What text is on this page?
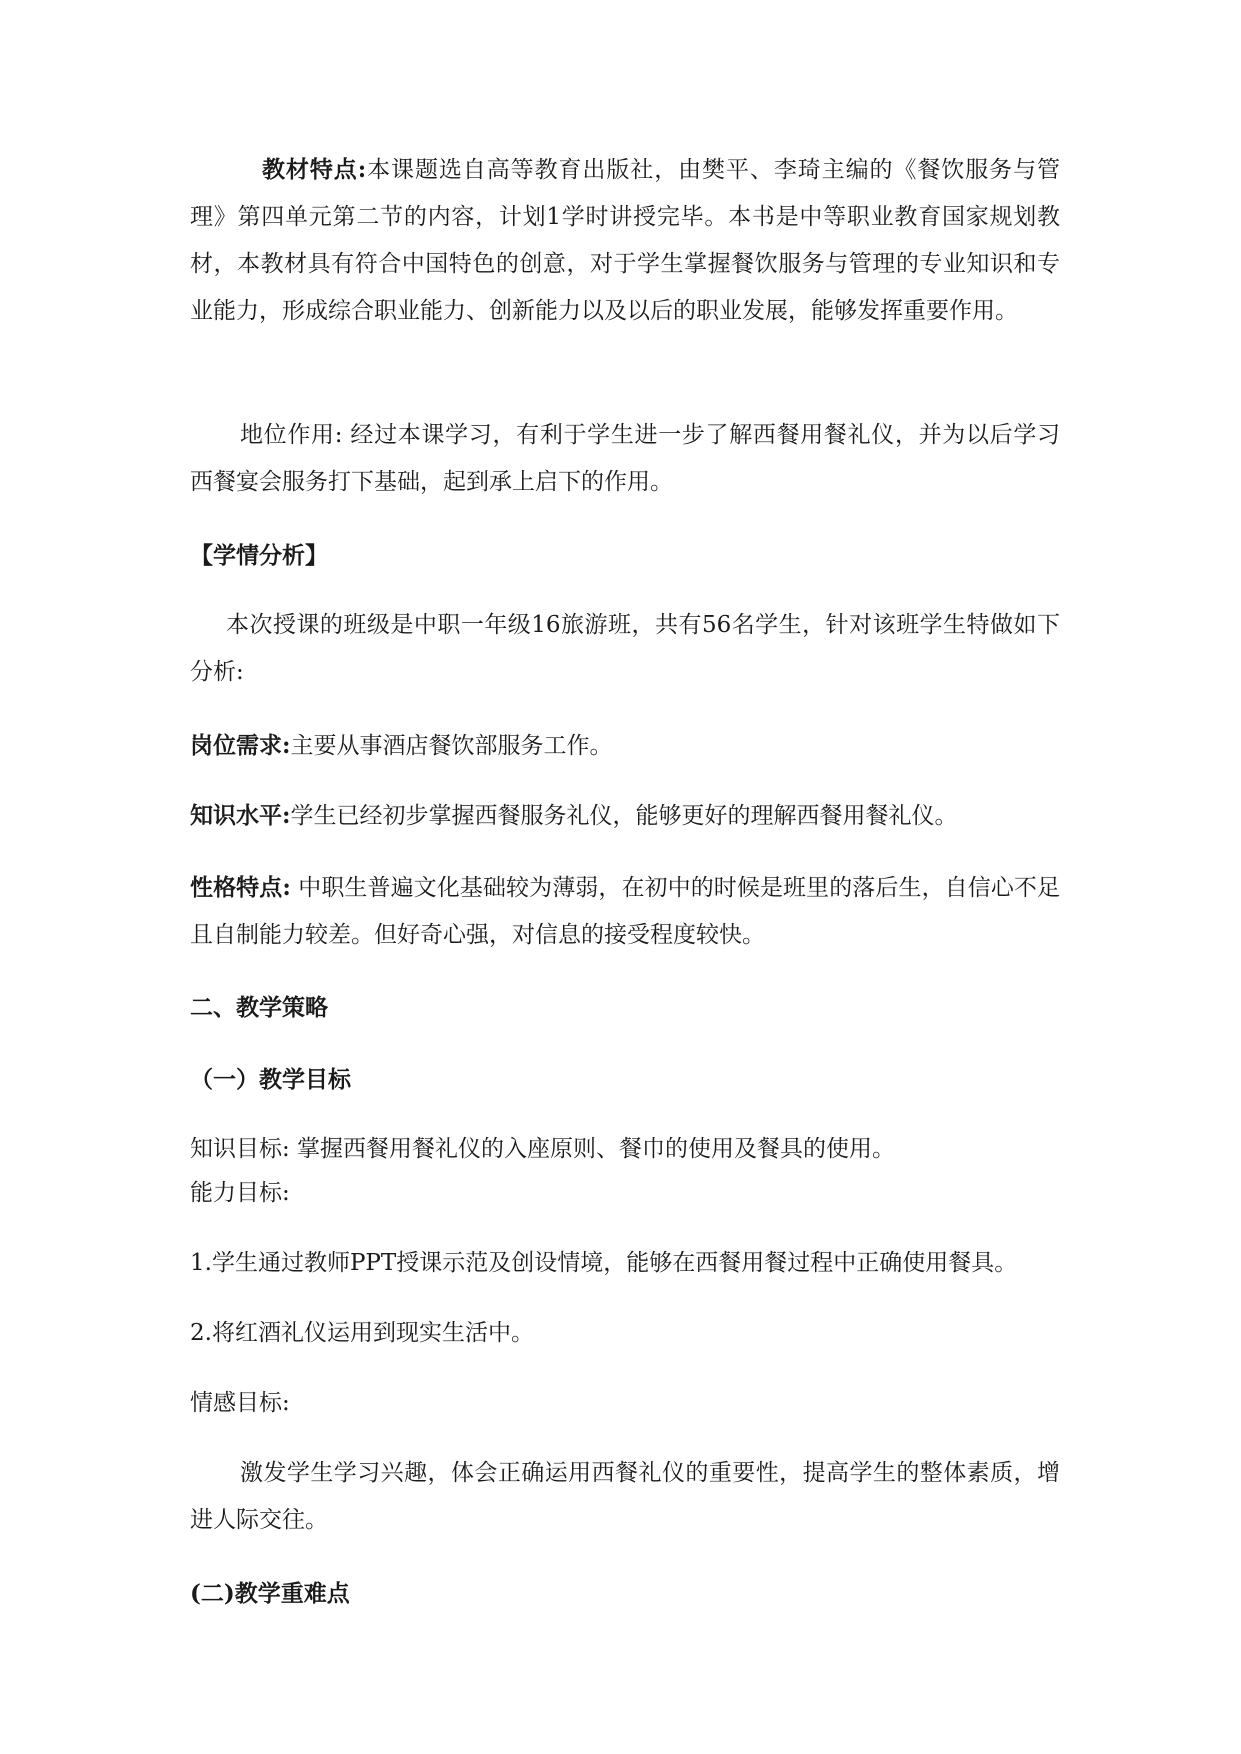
教材特点:本课题选自高等教育出版社，由樊平、李琦主编的《餐饮服务与管理》第四单元第二节的内容，计划1学时讲授完毕。本书是中等职业教育国家规划教材，本教材具有符合中国特色的创意，对于学生掌握餐饮服务与管理的专业知识和专业能力，形成综合职业能力、创新能力以及以后的职业发展，能够发挥重要作用。

地位作用: 经过本课学习，有利于学生进一步了解西餐用餐礼仪，并为以后学习西餐宴会服务打下基础，起到承上启下的作用。

【学情分析】

本次授课的班级是中职一年级16旅游班，共有56名学生，针对该班学生特做如下分析:

岗位需求:主要从事酒店餐饮部服务工作。

知识水平:学生已经初步掌握西餐服务礼仪，能够更好的理解西餐用餐礼仪。

性格特点: 中职生普遍文化基础较为薄弱，在初中的时候是班里的落后生，自信心不足且自制能力较差。但好奇心强，对信息的接受程度较快。

二、教学策略

（一）教学目标

知识目标: 掌握西餐用餐礼仪的入座原则、餐巾的使用及餐具的使用。

能力目标:

1.学生通过教师PPT授课示范及创设情境，能够在西餐用餐过程中正确使用餐具。

2.将红酒礼仪运用到现实生活中。

情感目标:

激发学生学习兴趣，体会正确运用西餐礼仪的重要性，提高学生的整体素质，增进人际交往。

(二)教学重难点
